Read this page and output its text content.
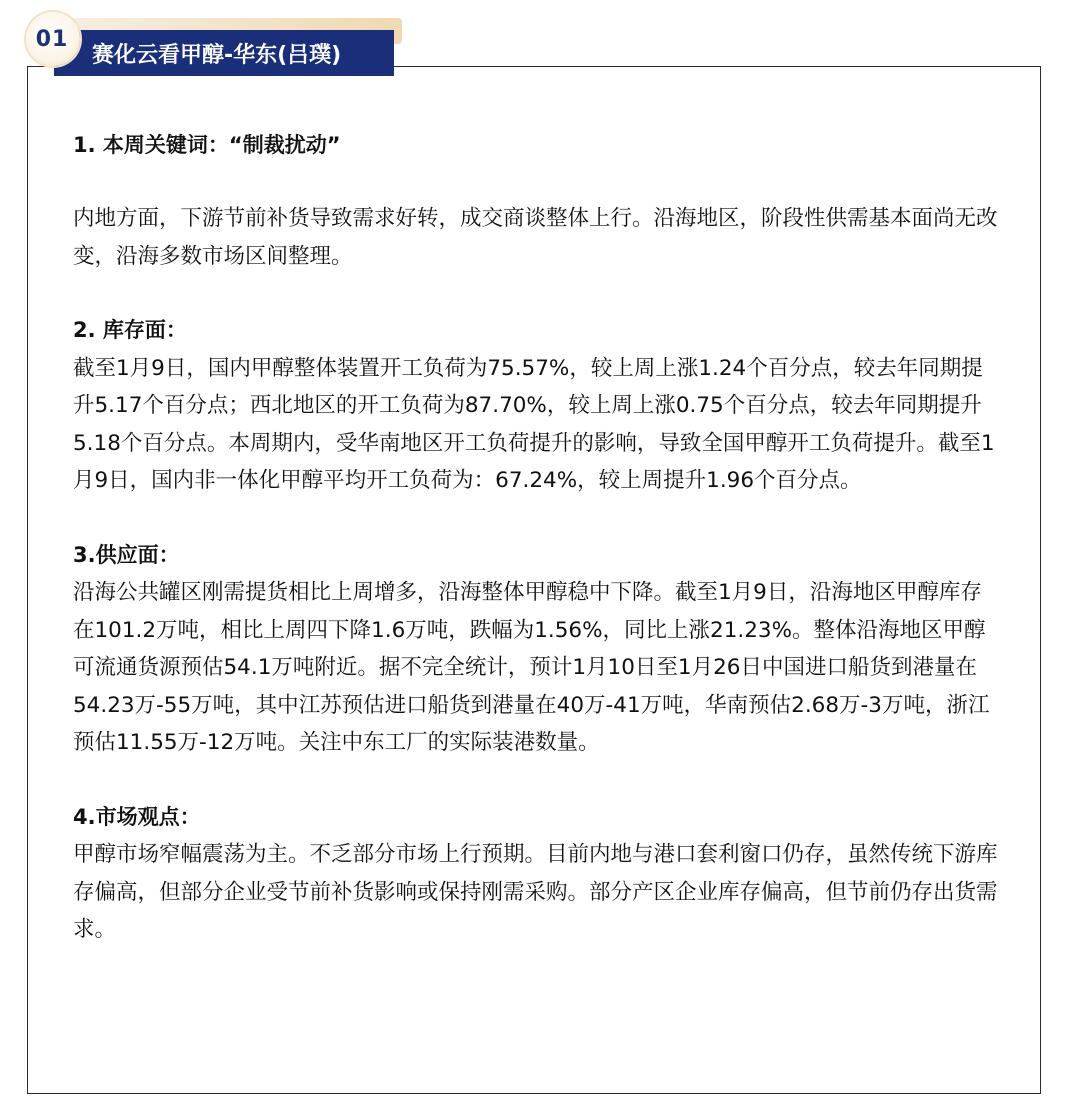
01
赛化云看甲醇-华东(吕璞)

1. 本周关键词：“制裁扰动”

内地方面，下游节前补货导致需求好转，成交商谈整体上行。沿海地区，阶段性供需基本面尚无改变，沿海多数市场区间整理。

2. 库存面：

截至1月9日，国内甲醇整体装置开工负荷为75.57%，较上周上涨1.24个百分点，较去年同期提升5.17个百分点；西北地区的开工负荷为87.70%，较上周上涨0.75个百分点，较去年同期提升5.18个百分点。本周期内，受华南地区开工负荷提升的影响，导致全国甲醇开工负荷提升。截至1月9日，国内非一体化甲醇平均开工负荷为：67.24%，较上周提升1.96个百分点。

3.供应面：

沿海公共罐区刚需提货相比上周增多，沿海整体甲醇稳中下降。截至1月9日，沿海地区甲醇库存在101.2万吨，相比上周四下降1.6万吨，跌幅为1.56%，同比上涨21.23%。整体沿海地区甲醇可流通货源预估54.1万吨附近。据不完全统计，预计1月10日至1月26日中国进口船货到港量在54.23万-55万吨，其中江苏预估进口船货到港量在40万-41万吨，华南预估2.68万-3万吨，浙江预估11.55万-12万吨。关注中东工厂的实际装港数量。

4.市场观点：

甲醇市场窄幅震荡为主。不乏部分市场上行预期。目前内地与港口套利窗口仍存，虽然传统下游库存偏高，但部分企业受节前补货影响或保持刚需采购。部分产区企业库存偏高，但节前仍存出货需求。
